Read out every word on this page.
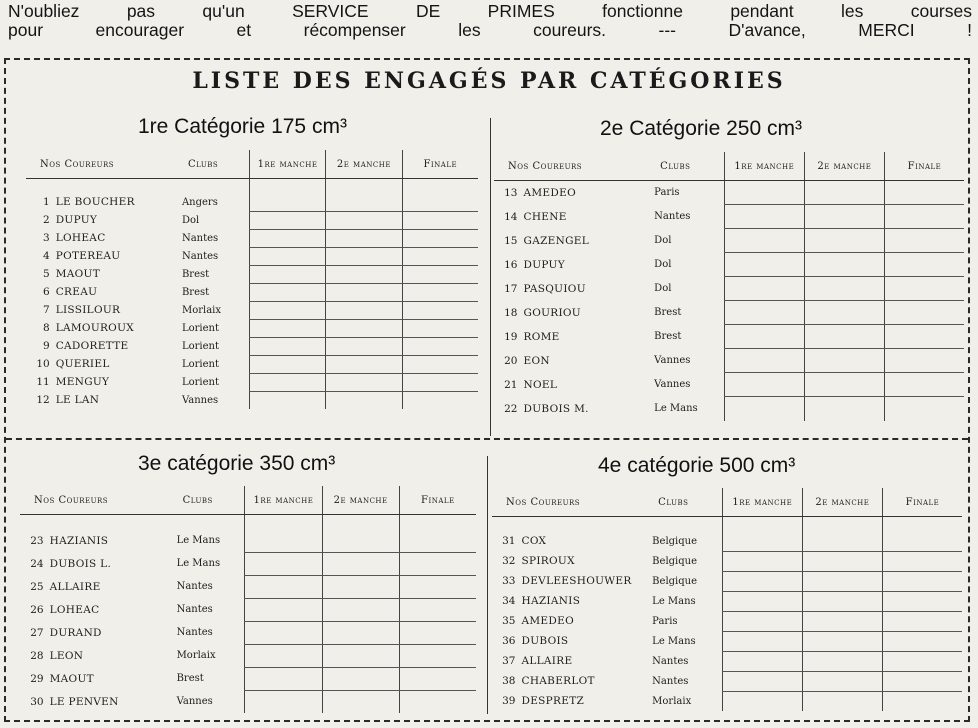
N'oubliez pas qu'un SERVICE DE PRIMES fonctionne pendant les courses
pour encourager et récompenser les coureurs. --- D'avance, MERCI !
LISTE DES ENGAGÉS PAR CATÉGORIES
1re Catégorie 175 cm³	2e Catégorie 250 cm³
3e catégorie 350 cm³	4e catégorie 500 cm³
Nos Coureurs		Clubs	1re manche	2e manche	Finale

1	LE BOUCHER	Angers			
2	DUPUY	Dol			
3	LOHEAC	Nantes			
4	POTEREAU	Nantes			
5	MAOUT	Brest			
6	CREAU	Brest			
7	LISSILOUR	Morlaix			
8	LAMOUROUX	Lorient			
9	CADORETTE	Lorient			
10	QUERIEL	Lorient			
11	MENGUY	Lorient			
12	LE LAN	Vannes			
Nos Coureurs		Clubs	1re manche	2e manche	Finale
13	AMEDEO	Paris			
14	CHENE	Nantes			
15	GAZENGEL	Dol			
16	DUPUY	Dol			
17	PASQUIOU	Dol			
18	GOURIOU	Brest			
19	ROME	Brest			
20	EON	Vannes			
21	NOEL	Vannes			
22	DUBOIS M.	Le Mans			
Nos Coureurs		Clubs	1re manche	2e manche	Finale

23	HAZIANIS	Le Mans			
24	DUBOIS L.	Le Mans			
25	ALLAIRE	Nantes			
26	LOHEAC	Nantes			
27	DURAND	Nantes			
28	LEON	Morlaix			
29	MAOUT	Brest			
30	LE PENVEN	Vannes			
Nos Coureurs		Clubs	1re manche	2e manche	Finale

31	COX	Belgique			
32	SPIROUX	Belgique			
33	DEVLEESHOUWER	Belgique			
34	HAZIANIS	Le Mans			
35	AMEDEO	Paris			
36	DUBOIS	Le Mans			
37	ALLAIRE	Nantes			
38	CHABERLOT	Nantes			
39	DESPRETZ	Morlaix			
